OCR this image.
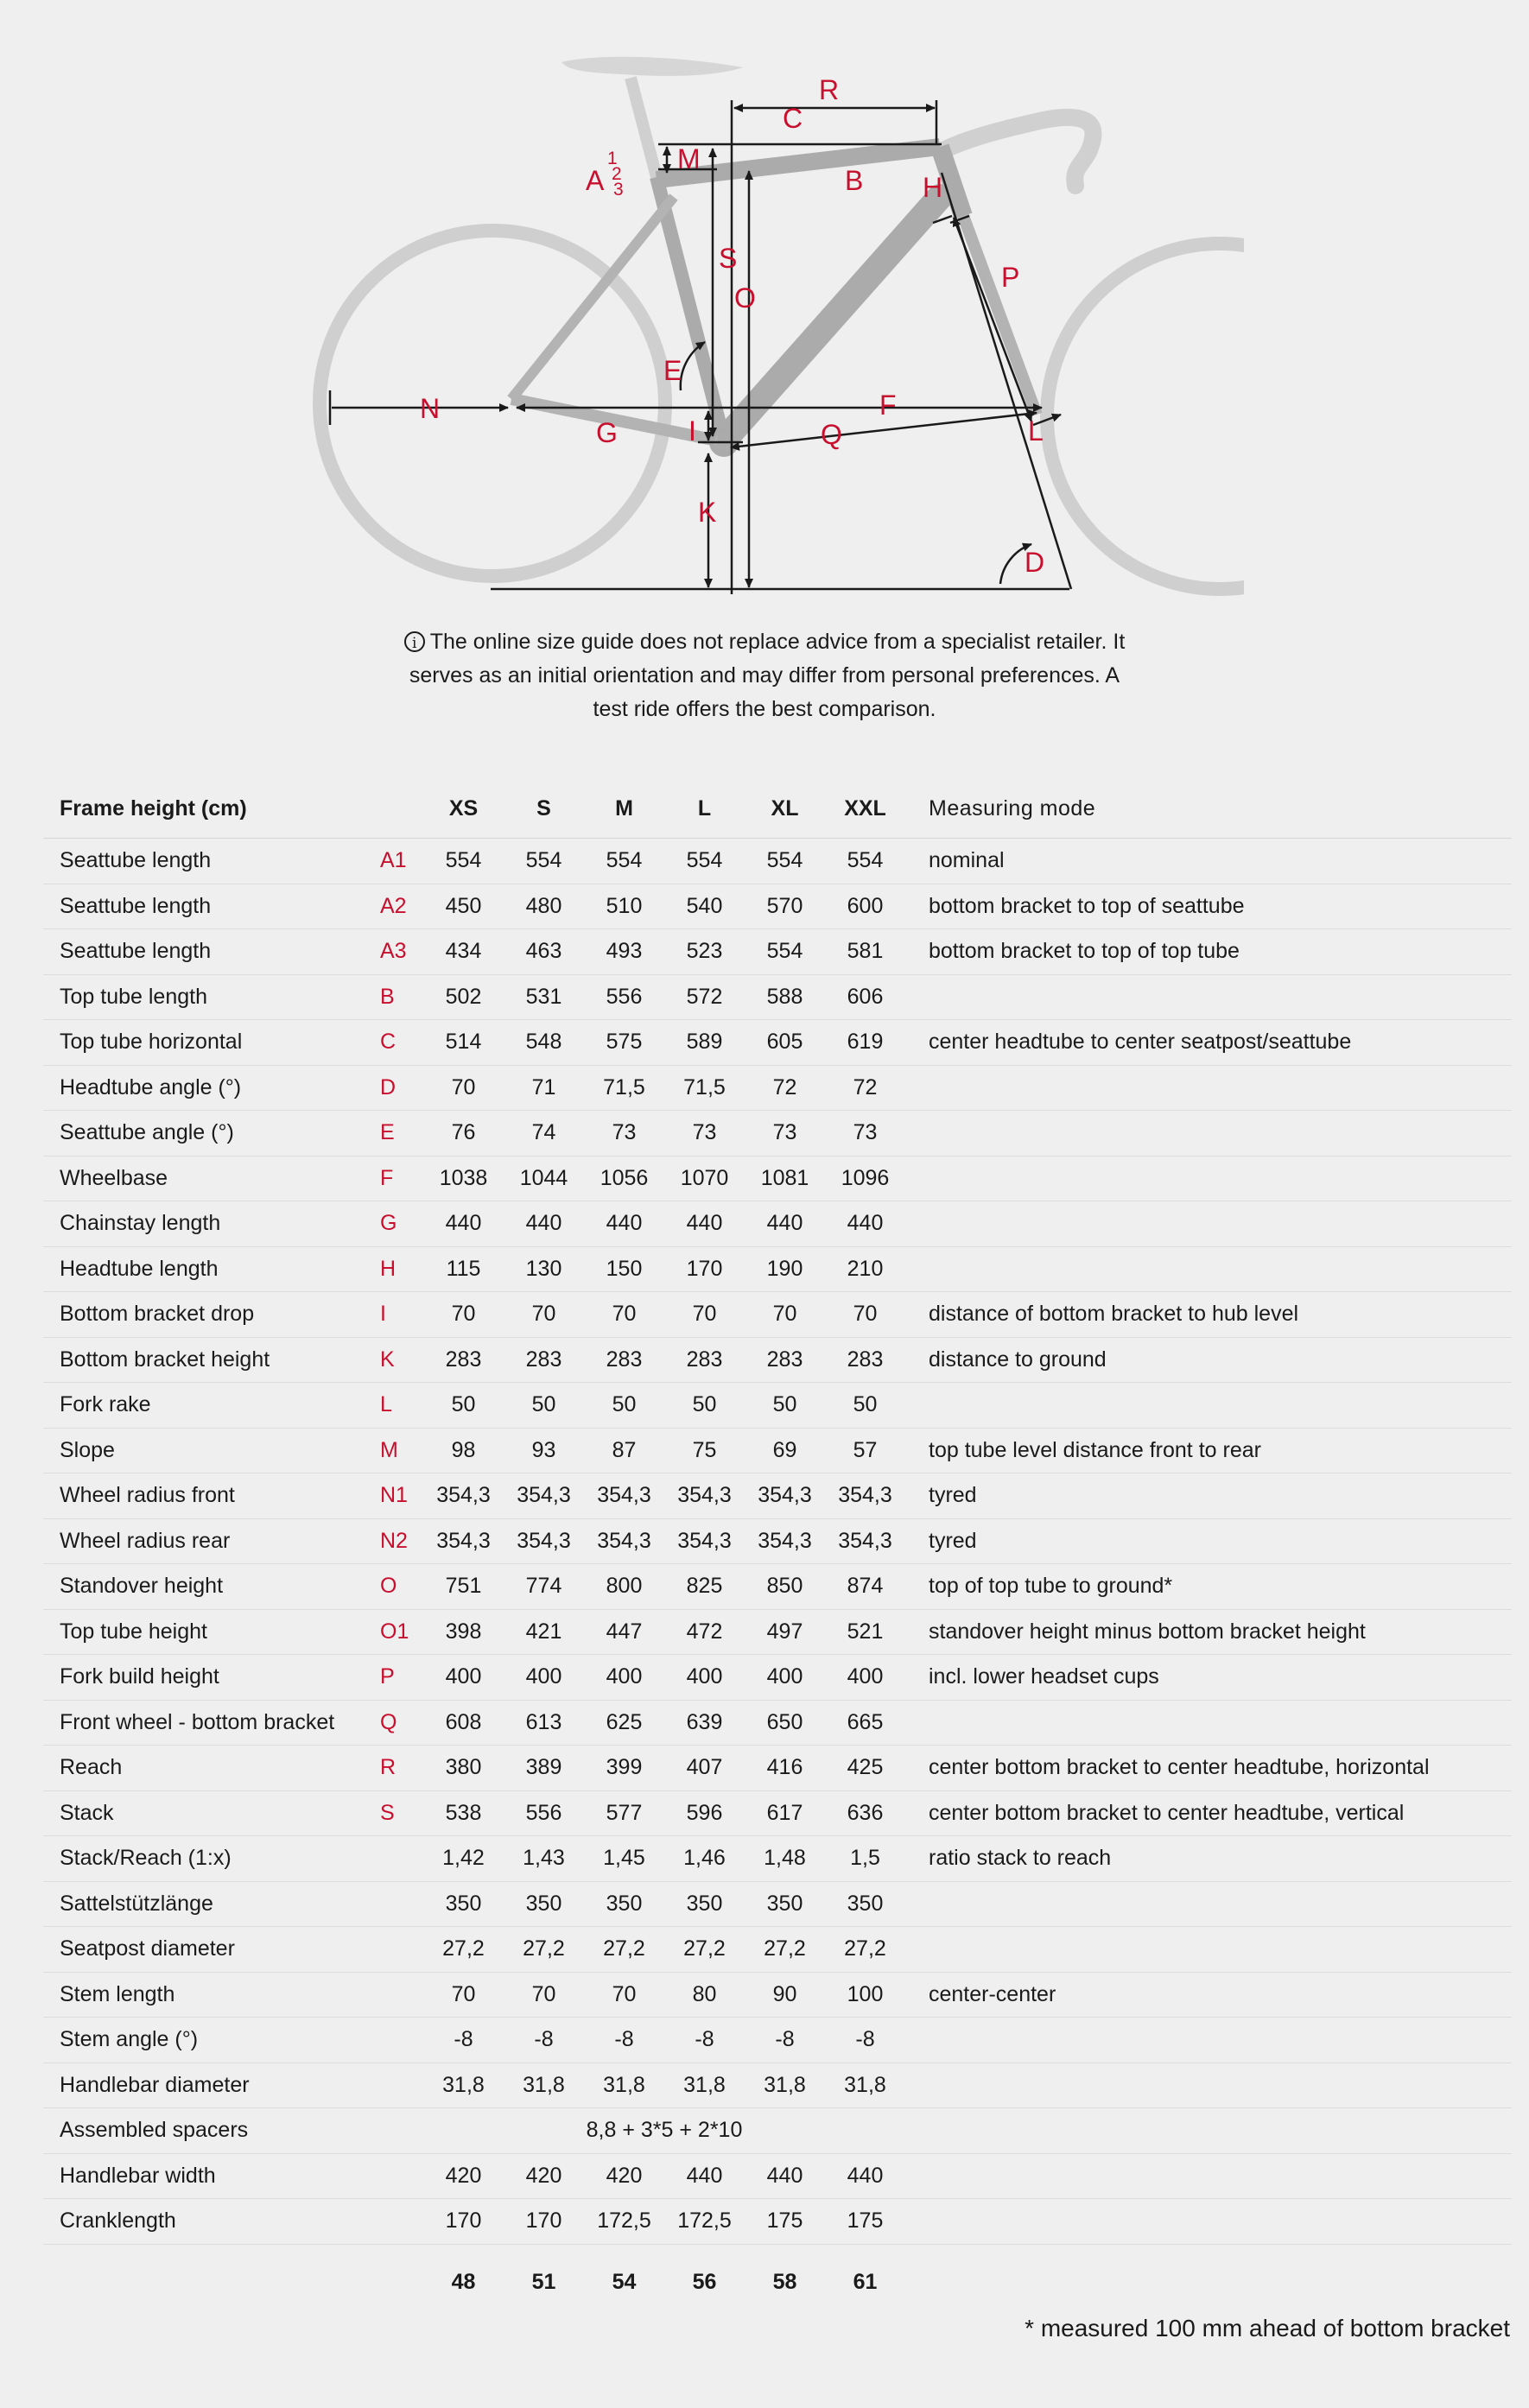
R
C
M
A
1
2
3	B H
S
O
P
E
N	F
G	I	Q	L
K
D
i The online size guide does not replace advice from a specialist retailer. It
serves as an initial orientation and may differ from personal preferences. A
test ride offers the best comparison.
Frame height (cm)		XS	S	M	L	XL	XXL	Measuring mode
Seattube length	A1	554	554	554	554	554	554	nominal
Seattube length	A2	450	480	510	540	570	600	bottom bracket to top of seattube
Seattube length	A3	434	463	493	523	554	581	bottom bracket to top of top tube
Top tube length	B	502	531	556	572	588	606	
Top tube horizontal	C	514	548	575	589	605	619	center headtube to center seatpost/seattube
Headtube angle (°)	D	70	71	71,5	71,5	72	72	
Seattube angle (°)	E	76	74	73	73	73	73	
Wheelbase	F	1038	1044	1056	1070	1081	1096	
Chainstay length	G	440	440	440	440	440	440	
Headtube length	H	115	130	150	170	190	210	
Bottom bracket drop	I	70	70	70	70	70	70	distance of bottom bracket to hub level
Bottom bracket height	K	283	283	283	283	283	283	distance to ground
Fork rake	L	50	50	50	50	50	50	
Slope	M	98	93	87	75	69	57	top tube level distance front to rear
Wheel radius front	N1	354,3	354,3	354,3	354,3	354,3	354,3	tyred
Wheel radius rear	N2	354,3	354,3	354,3	354,3	354,3	354,3	tyred
Standover height	O	751	774	800	825	850	874	top of top tube to ground*
Top tube height	O1	398	421	447	472	497	521	standover height minus bottom bracket height
Fork build height	P	400	400	400	400	400	400	incl. lower headset cups
Front wheel - bottom bracket	Q	608	613	625	639	650	665	
Reach	R	380	389	399	407	416	425	center bottom bracket to center headtube, horizontal
Stack	S	538	556	577	596	617	636	center bottom bracket to center headtube, vertical
Stack/Reach (1:x)		1,42	1,43	1,45	1,46	1,48	1,5	ratio stack to reach
Sattelstützlänge		350	350	350	350	350	350	
Seatpost diameter		27,2	27,2	27,2	27,2	27,2	27,2	
Stem length		70	70	70	80	90	100	center-center
Stem angle (°)		-8	-8	-8	-8	-8	-8	
Handlebar diameter		31,8	31,8	31,8	31,8	31,8	31,8	
Assembled spacers		8,8 + 3*5 + 2*10						
Handlebar width		420	420	420	440	440	440	
Cranklength		170	170	172,5	172,5	175	175	
		48	51	54	56	58	61	
* measured 100 mm ahead of bottom bracket
